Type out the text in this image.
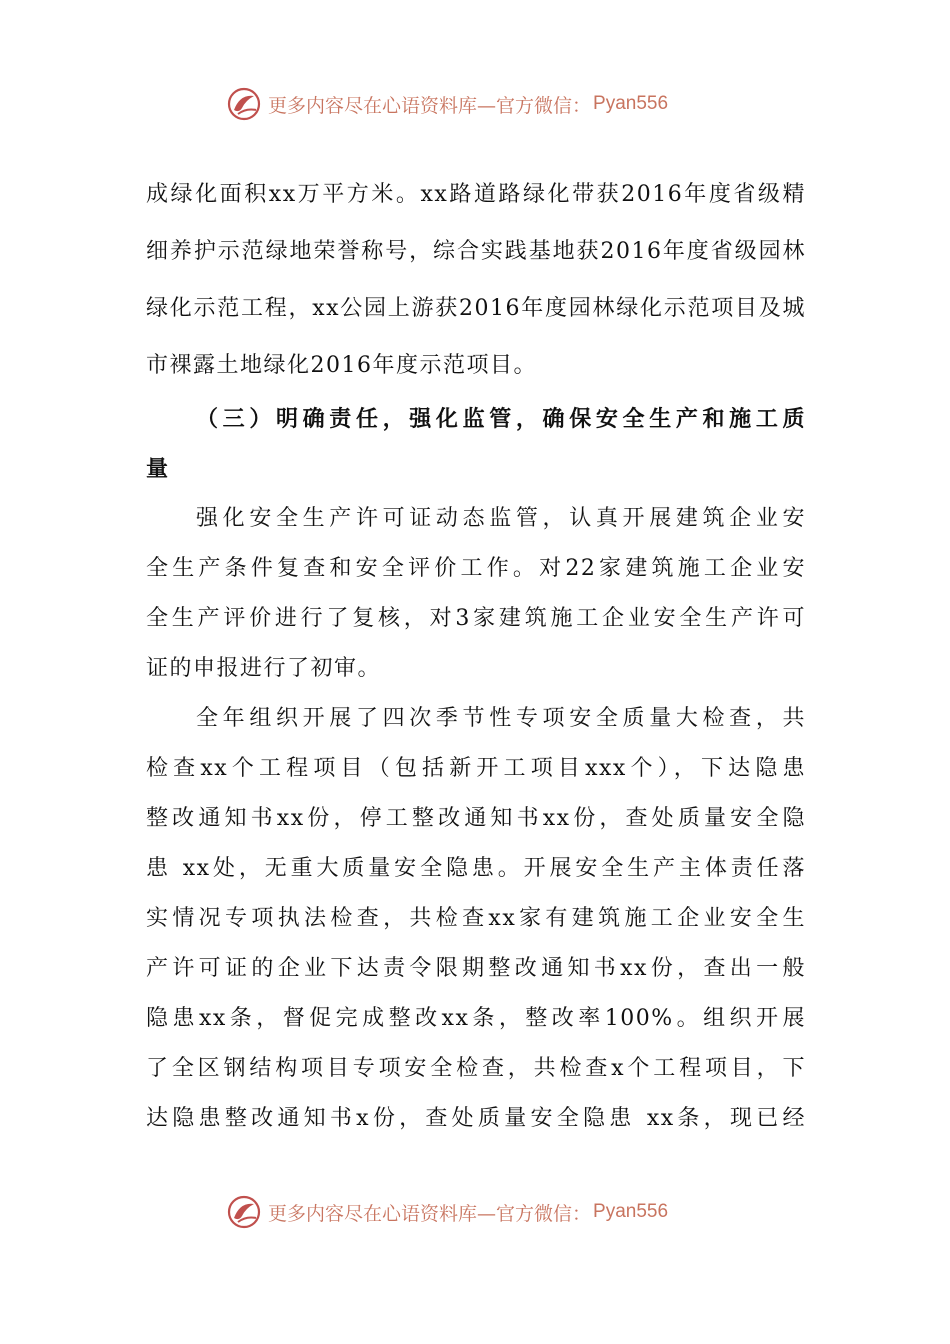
更多内容尽在心语资料库—官方微信： Pyan556
成绿化面积xx万平方米。xx路道路绿化带获2016年度省级精
细养护示范绿地荣誉称号，综合实践基地获2016年度省级园林
绿化示范工程，xx公园上游获2016年度园林绿化示范项目及城
市裸露土地绿化2016年度示范项目。
（三）明确责任，强化监管，确保安全生产和施工质
量
强化安全生产许可证动态监管，认真开展建筑企业安
全生产条件复查和安全评价工作。对22家建筑施工企业安
全生产评价进行了复核，对3家建筑施工企业安全生产许可
证的申报进行了初审。
全年组织开展了四次季节性专项安全质量大检查，共
检查xx个工程项目（包括新开工项目xxx个），下达隐患
整改通知书xx份，停工整改通知书xx份，查处质量安全隐
患 xx处，无重大质量安全隐患。开展安全生产主体责任落
实情况专项执法检查，共检查xx家有建筑施工企业安全生
产许可证的企业下达责令限期整改通知书xx份，查出一般
隐患xx条，督促完成整改xx条，整改率100%。组织开展
了全区钢结构项目专项安全检查，共检查x个工程项目，下
达隐患整改通知书x份，查处质量安全隐患 xx条，现已经
更多内容尽在心语资料库—官方微信： Pyan556
